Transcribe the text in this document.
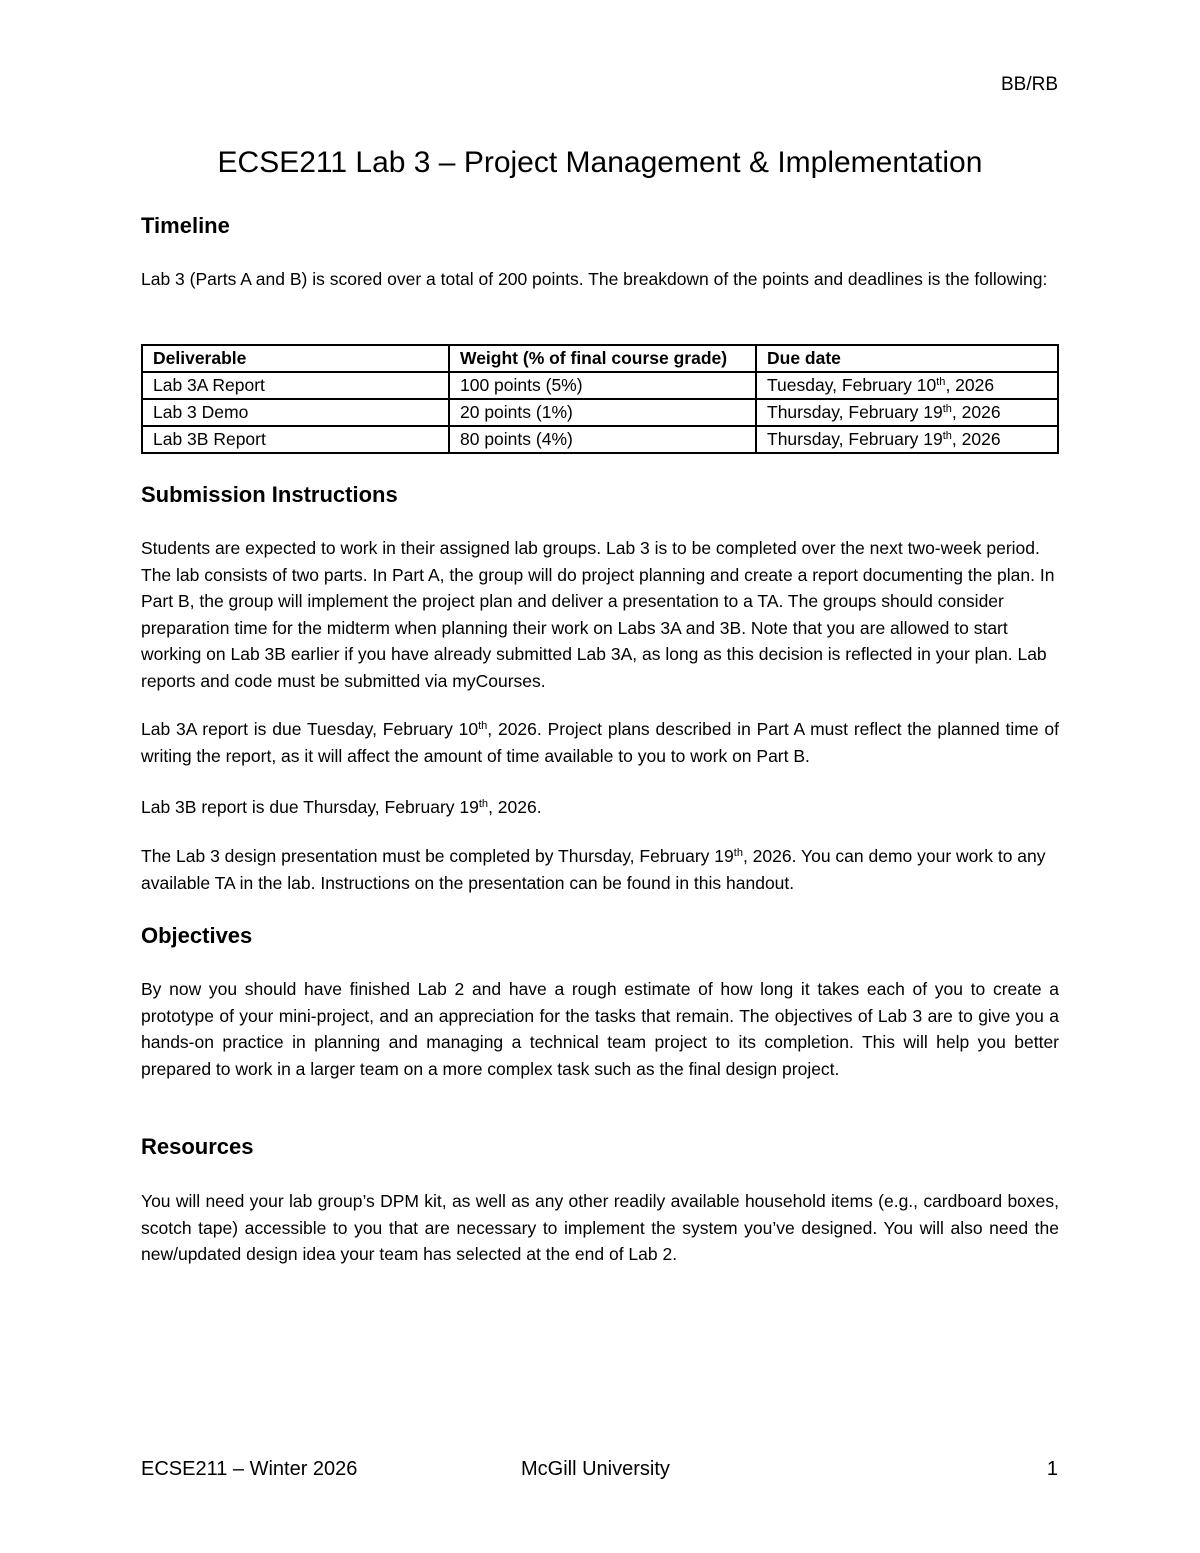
BB/RB
ECSE211 Lab 3 – Project Management & Implementation
Timeline

Lab 3 (Parts A and B) is scored over a total of 200 points. The breakdown of the points and deadlines is the following:

Deliverable	Weight (% of final course grade)	Due date
Lab 3A Report	100 points (5%)	Tuesday, February 10th, 2026
Lab 3 Demo	20 points (1%)	Thursday, February 19th, 2026
Lab 3B Report	80 points (4%)	Thursday, February 19th, 2026
Submission Instructions

Students are expected to work in their assigned lab groups. Lab 3 is to be completed over the next two-week period. The lab consists of two parts. In Part A, the group will do project planning and create a report documenting the plan. In Part B, the group will implement the project plan and deliver a presentation to a TA. The groups should consider preparation time for the midterm when planning their work on Labs 3A and 3B. Note that you are allowed to start working on Lab 3B earlier if you have already submitted Lab 3A, as long as this decision is reflected in your plan. Lab reports and code must be submitted via myCourses.

Lab 3A report is due Tuesday, February 10th, 2026. Project plans described in Part A must reflect the planned time of writing the report, as it will affect the amount of time available to you to work on Part B.

Lab 3B report is due Thursday, February 19th, 2026.

The Lab 3 design presentation must be completed by Thursday, February 19th, 2026. You can demo your work to any available TA in the lab. Instructions on the presentation can be found in this handout.

Objectives

By now you should have finished Lab 2 and have a rough estimate of how long it takes each of you to create a prototype of your mini-project, and an appreciation for the tasks that remain. The objectives of Lab 3 are to give you a hands-on practice in planning and managing a technical team project to its completion. This will help you better prepared to work in a larger team on a more complex task such as the final design project.

Resources

You will need your lab group’s DPM kit, as well as any other readily available household items (e.g., cardboard boxes, scotch tape) accessible to you that are necessary to implement the system you’ve designed. You will also need the new/updated design idea your team has selected at the end of Lab 2.

ECSE211 – Winter 2026	McGill University	1
